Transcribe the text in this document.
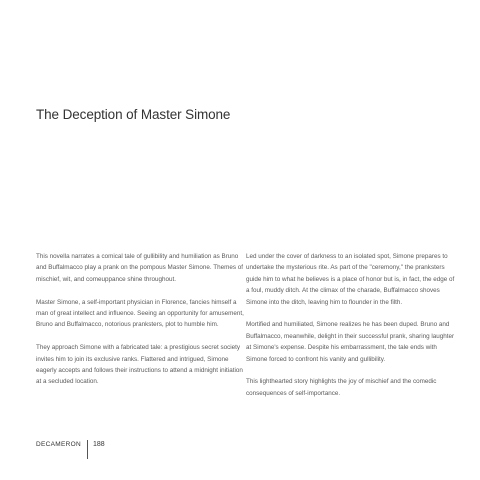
The Deception of Master Simone

This novella narrates a comical tale of gullibility and humiliation as Bruno and Buffalmacco play a prank on the pompous Master Simone. Themes of mischief, wit, and comeuppance shine throughout.

Master Simone, a self-important physician in Florence, fancies himself a man of great intellect and influence. Seeing an opportunity for amusement, Bruno and Buffalmacco, notorious pranksters, plot to humble him.

They approach Simone with a fabricated tale: a prestigious secret society invites him to join its exclusive ranks. Flattered and intrigued, Simone eagerly accepts and follows their instructions to attend a midnight initiation at a secluded location.

Led under the cover of darkness to an isolated spot, Simone prepares to undertake the mysterious rite. As part of the "ceremony," the pranksters guide him to what he believes is a place of honor but is, in fact, the edge of a foul, muddy ditch. At the climax of the charade, Buffalmacco shoves Simone into the ditch, leaving him to flounder in the filth.

Mortified and humiliated, Simone realizes he has been duped. Bruno and Buffalmacco, meanwhile, delight in their successful prank, sharing laughter at Simone's expense. Despite his embarrassment, the tale ends with Simone forced to confront his vanity and gullibility.

This lighthearted story highlights the joy of mischief and the comedic consequences of self-importance.

DECAMERON	188
